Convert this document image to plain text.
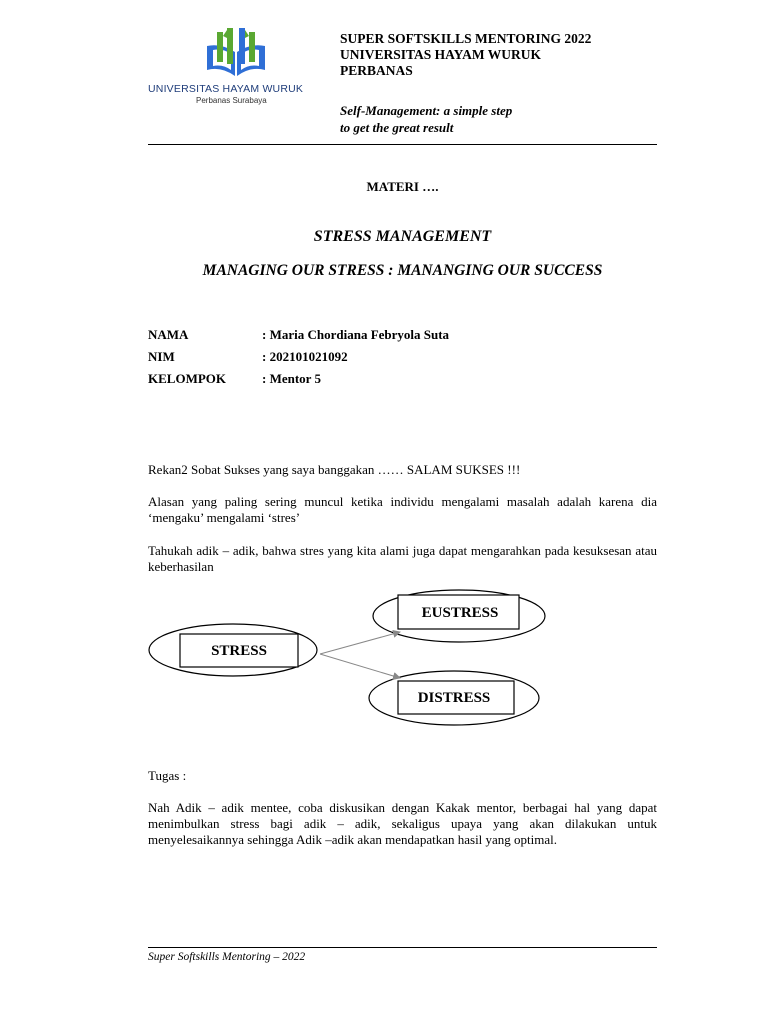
UNIVERSITAS HAYAM WURUK
Perbanas Surabaya
SUPER SOFTSKILLS MENTORING 2022
UNIVERSITAS HAYAM WURUK
PERBANAS
Self-Management: a simple step
to get the great result
MATERI ….
STRESS MANAGEMENT
MANAGING OUR STRESS : MANANGING OUR SUCCESS
NAMA	: Maria Chordiana Febryola Suta
NIM	: 202101021092
KELOMPOK	: Mentor 5
Rekan2 Sobat Sukses yang saya banggakan …… SALAM SUKSES !!!
Alasan yang paling sering muncul ketika individu mengalami masalah adalah karena dia ‘mengaku’ mengalami ‘stres’
Tahukah adik – adik, bahwa stres yang kita alami juga dapat mengarahkan pada kesuksesan atau keberhasilan
STRESS
EUSTRESS
DISTRESS
Tugas :
Nah Adik – adik mentee, coba diskusikan dengan Kakak mentor, berbagai hal yang dapat menimbulkan stress bagi adik – adik, sekaligus upaya yang akan dilakukan untuk menyelesaikannya sehingga Adik –adik akan mendapatkan hasil yang optimal.
Super Softskills Mentoring – 2022
